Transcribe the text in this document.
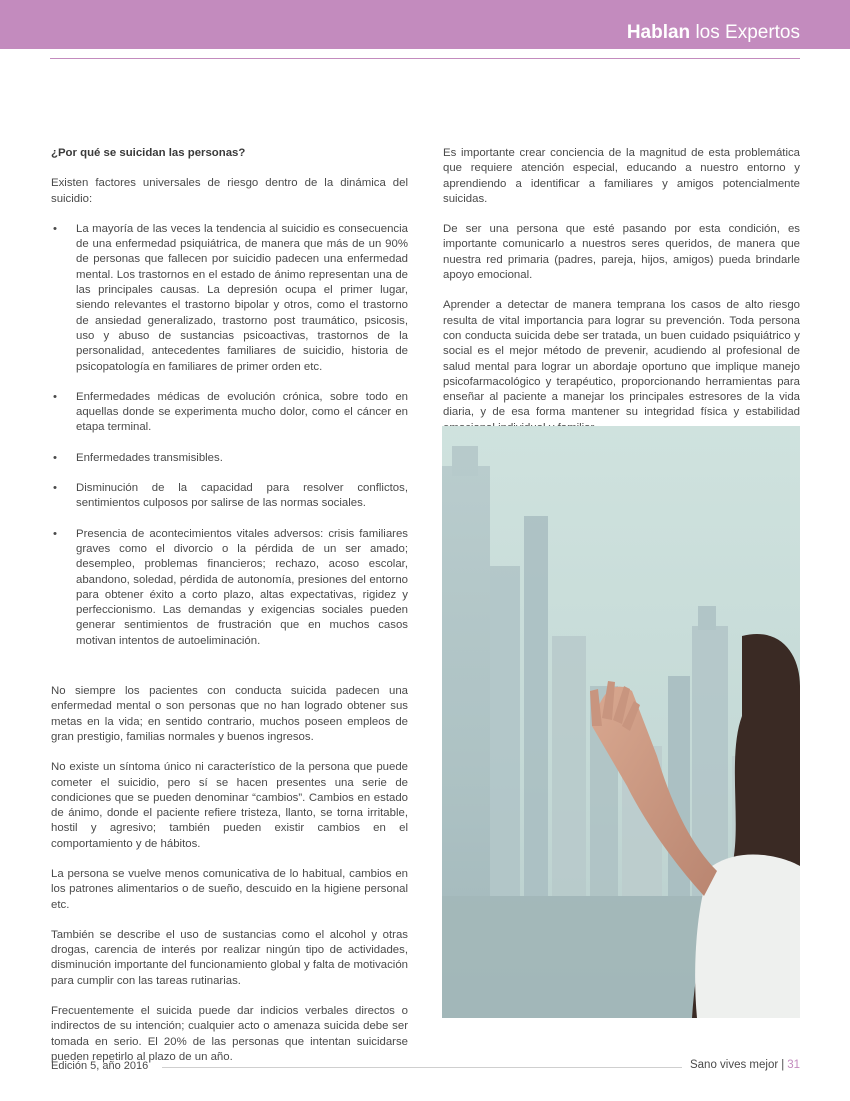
Hablan los Expertos

¿Por qué se suicidan las personas?

Existen factores universales de riesgo dentro de la dinámica del suicidio:

• La mayoría de las veces la tendencia al suicidio es consecuencia de una enfermedad psiquiátrica, de manera que más de un 90% de personas que fallecen por suicidio padecen una enfermedad mental. Los trastornos en el estado de ánimo representan una de las principales causas. La depresión ocupa el primer lugar, siendo relevantes el trastorno bipolar y otros, como el trastorno de ansiedad generalizado, trastorno post traumático, psicosis, uso y abuso de sustancias psicoactivas, trastornos de la personalidad, antecedentes familiares de suicidio, historia de psicopatología en familiares de primer orden etc.
• Enfermedades médicas de evolución crónica, sobre todo en aquellas donde se experimenta mucho dolor, como el cáncer en etapa terminal.
• Enfermedades transmisibles.
• Disminución de la capacidad para resolver conflictos, sentimientos culposos por salirse de las normas sociales.
• Presencia de acontecimientos vitales adversos: crisis familiares graves como el divorcio o la pérdida de un ser amado; desempleo, problemas financieros; rechazo, acoso escolar, abandono, soledad, pérdida de autonomía, presiones del entorno para obtener éxito a corto plazo, altas expectativas, rigidez y perfeccionismo. Las demandas y exigencias sociales pueden generar sentimientos de frustración que en muchos casos motivan intentos de autoeliminación.

No siempre los pacientes con conducta suicida padecen una enfermedad mental o son personas que no han logrado obtener sus metas en la vida; en sentido contrario, muchos poseen empleos de gran prestigio, familias normales y buenos ingresos.

No existe un síntoma único ni característico de la persona que puede cometer el suicidio, pero sí se hacen presentes una serie de condiciones que se pueden denominar “cambios”. Cambios en estado de ánimo, donde el paciente refiere tristeza, llanto, se torna irritable, hostil y agresivo; también pueden existir cambios en el comportamiento y de hábitos.

La persona se vuelve menos comunicativa de lo habitual, cambios en los patrones alimentarios o de sueño, descuido en la higiene personal etc.

También se describe el uso de sustancias como el alcohol y otras drogas, carencia de interés por realizar ningún tipo de actividades, disminución importante del funcionamiento global y falta de motivación para cumplir con las tareas rutinarias.

Frecuentemente el suicida puede dar indicios verbales directos o indirectos de su intención; cualquier acto o amenaza suicida debe ser tomada en serio. El 20% de las personas que intentan suicidarse pueden repetirlo al plazo de un año.

Es importante crear conciencia de la magnitud de esta problemática que requiere atención especial, educando a nuestro entorno y aprendiendo a identificar a familiares y amigos potencialmente suicidas.

De ser una persona que esté pasando por esta condición, es importante comunicarlo a nuestros seres queridos, de manera que nuestra red primaria (padres, pareja, hijos, amigos) pueda brindarle apoyo emocional.

Aprender a detectar de manera temprana los casos de alto riesgo resulta de vital importancia para lograr su prevención. Toda persona con conducta suicida debe ser tratada, un buen cuidado psiquiátrico y social es el mejor método de prevenir, acudiendo al profesional de salud mental para lograr un abordaje oportuno que implique manejo psicofarmacológico y terapéutico, proporcionando herramientas para enseñar al paciente a manejar los principales estresores de la vida diaria, y de esa forma mantener su integridad física y estabilidad

Edición 5, año 2016	Sano vives mejor | 31
